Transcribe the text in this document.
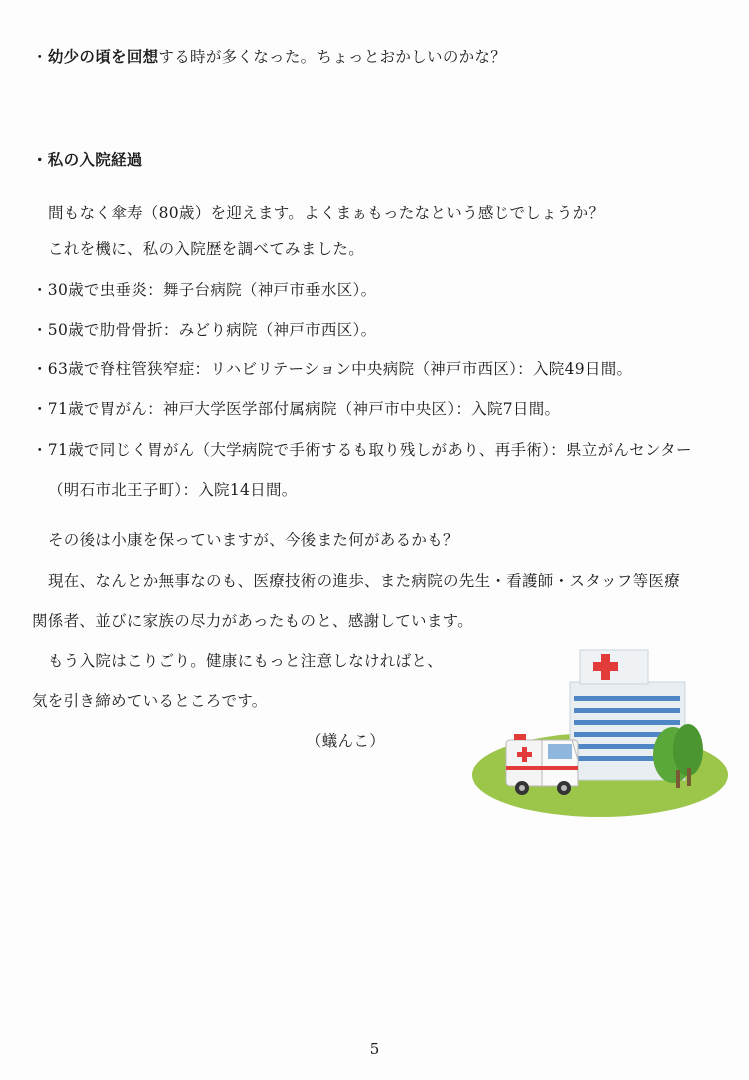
・幼少の頃を回想する時が多くなった。ちょっとおかしいのかな？
・私の入院経過
間もなく傘寿（80歳）を迎えます。よくまぁもったなという感じでしょうか？
これを機に、私の入院歴を調べてみました。
・30歳で虫垂炎：舞子台病院（神戸市垂水区）。
・50歳で肋骨骨折：みどり病院（神戸市西区）。
・63歳で脊柱管狭窄症：リハビリテーション中央病院（神戸市西区）：入院49日間。
・71歳で胃がん：神戸大学医学部付属病院（神戸市中央区）：入院7日間。
・71歳で同じく胃がん（大学病院で手術するも取り残しがあり、再手術）：県立がんセンター
（明石市北王子町）：入院14日間。
その後は小康を保っていますが、今後また何があるかも？
現在、なんとか無事なのも、医療技術の進歩、また病院の先生・看護師・スタッフ等医療
関係者、並びに家族の尽力があったものと、感謝しています。
もう入院はこりごり。健康にもっと注意しなければと、
気を引き締めているところです。
（蟻んこ）
5
